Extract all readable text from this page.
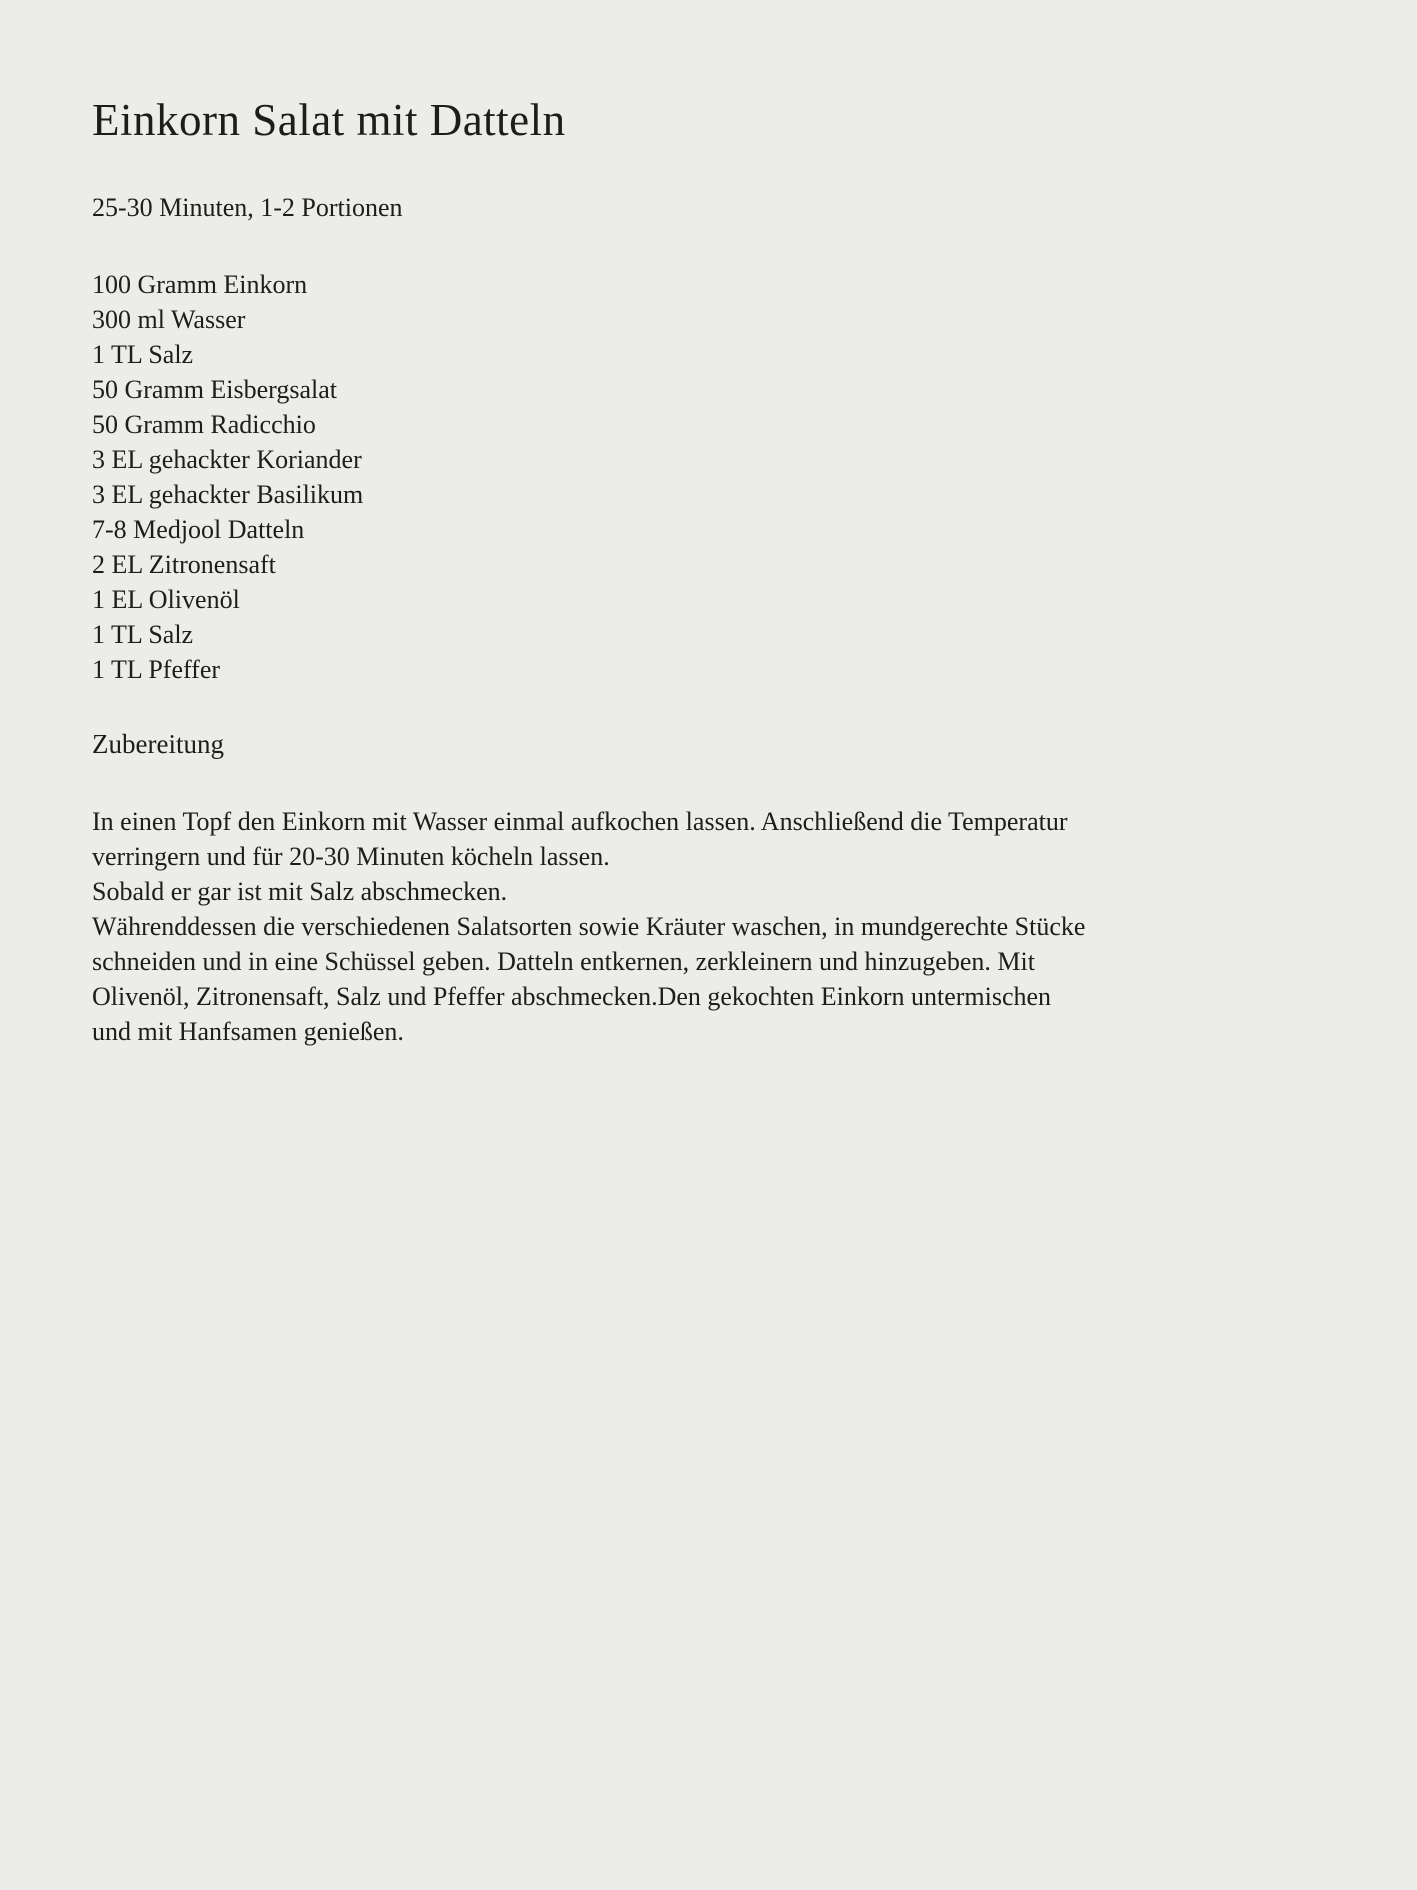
Einkorn Salat mit Datteln

25-30 Minuten, 1-2 Portionen

100 Gramm Einkorn
300 ml Wasser
1 TL Salz
50 Gramm Eisbergsalat
50 Gramm Radicchio
3 EL gehackter Koriander
3 EL gehackter Basilikum
7-8 Medjool Datteln
2 EL Zitronensaft
1 EL Olivenöl
1 TL Salz
1 TL Pfeffer
Zubereitung

In einen Topf den Einkorn mit Wasser einmal aufkochen lassen. Anschließend die Temperatur verringern und für 20-30 Minuten köcheln lassen.

Sobald er gar ist mit Salz abschmecken.

Währenddessen die verschiedenen Salatsorten sowie Kräuter waschen, in mundgerechte Stücke schneiden und in eine Schüssel geben. Datteln entkernen, zerkleinern und hinzugeben. Mit Olivenöl, Zitronensaft, Salz und Pfeffer abschmecken.Den gekochten Einkorn untermischen und mit Hanfsamen genießen.
